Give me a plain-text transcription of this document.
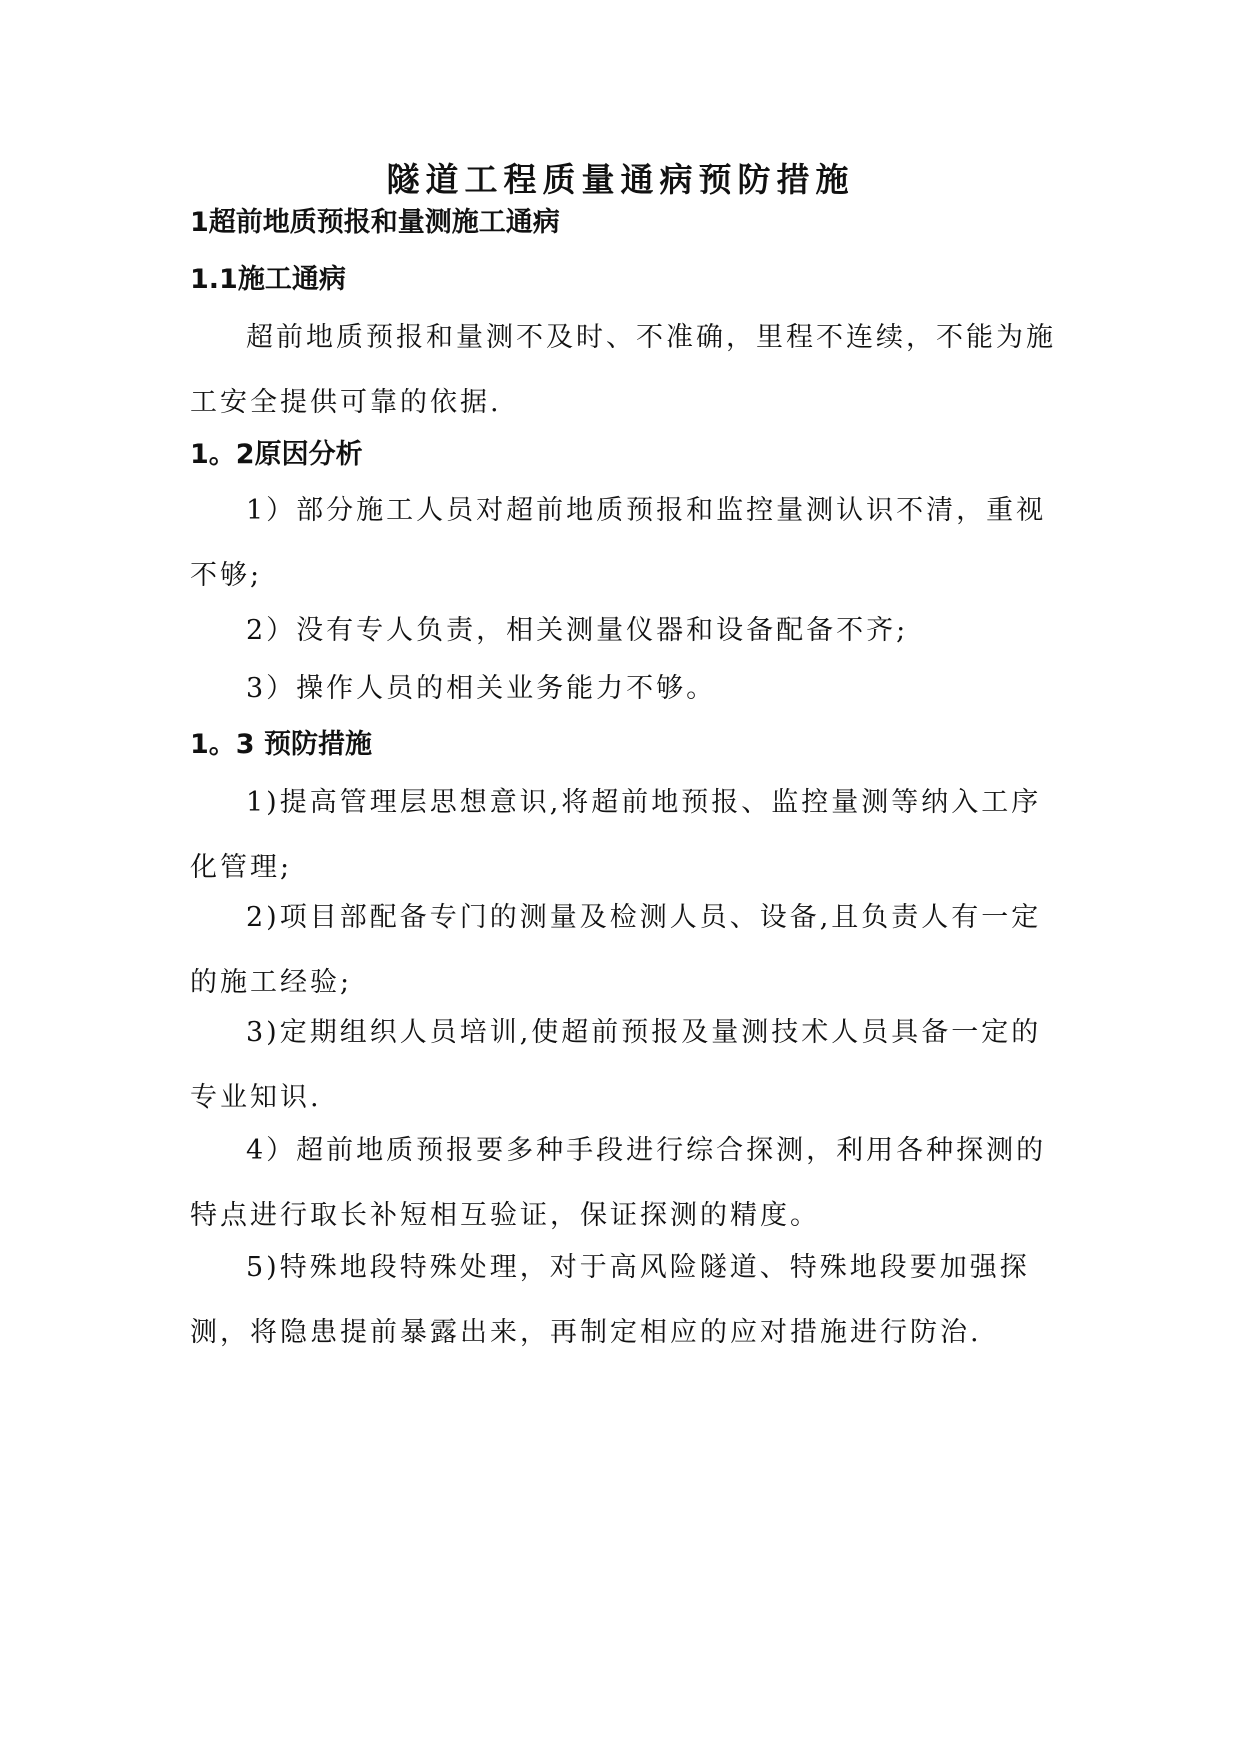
隧道工程质量通病预防措施
1超前地质预报和量测施工通病
1.1施工通病

超前地质预报和量测不及时、不准确，里程不连续，不能为施工安全提供可靠的依据.

1。2原因分析

1）部分施工人员对超前地质预报和监控量测认识不清，重视不够;

2）没有专人负责，相关测量仪器和设备配备不齐;

3）操作人员的相关业务能力不够。

1。3 预防措施

1)提高管理层思想意识,将超前地预报、监控量测等纳入工序化管理;

2)项目部配备专门的测量及检测人员、设备,且负责人有一定的施工经验;

3)定期组织人员培训,使超前预报及量测技术人员具备一定的专业知识.

4）超前地质预报要多种手段进行综合探测，利用各种探测的特点进行取长补短相互验证，保证探测的精度。

5)特殊地段特殊处理，对于高风险隧道、特殊地段要加强探测，将隐患提前暴露出来，再制定相应的应对措施进行防治.
